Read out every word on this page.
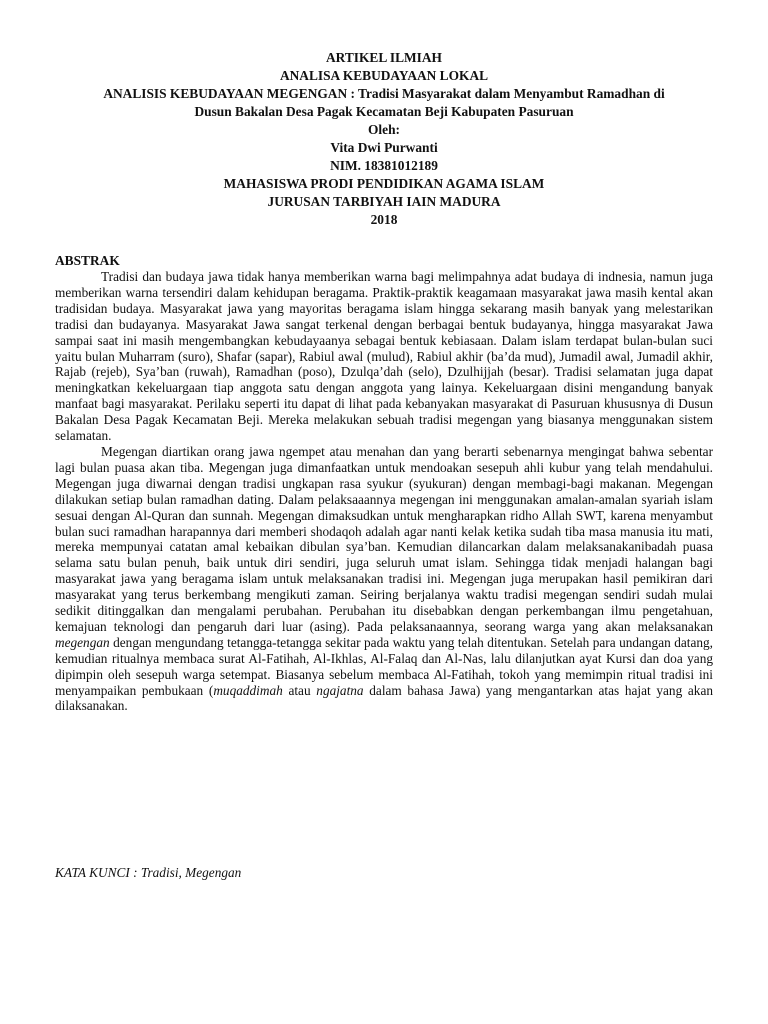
ARTIKEL ILMIAH
ANALISA KEBUDAYAAN LOKAL
ANALISIS KEBUDAYAAN MEGENGAN : Tradisi Masyarakat dalam Menyambut Ramadhan di
Dusun Bakalan Desa Pagak Kecamatan Beji Kabupaten Pasuruan
Oleh:
Vita Dwi Purwanti
NIM. 18381012189
MAHASISWA PRODI PENDIDIKAN AGAMA ISLAM
JURUSAN TARBIYAH IAIN MADURA
2018
ABSTRAK

Tradisi dan budaya jawa tidak hanya memberikan warna bagi melimpahnya adat budaya di indnesia, namun juga memberikan warna tersendiri dalam kehidupan beragama. Praktik-praktik keagamaan masyarakat jawa masih kental akan tradisidan budaya. Masyarakat jawa yang mayoritas beragama islam hingga sekarang masih banyak yang melestarikan tradisi dan budayanya. Masyarakat Jawa sangat terkenal dengan berbagai bentuk budayanya, hingga masyarakat Jawa sampai saat ini masih mengembangkan kebudayaanya sebagai bentuk kebiasaan. Dalam islam terdapat bulan-bulan suci yaitu bulan Muharram (suro), Shafar (sapar), Rabiul awal (mulud), Rabiul akhir (ba’da mud), Jumadil awal, Jumadil akhir, Rajab (rejeb), Sya’ban (ruwah), Ramadhan (poso), Dzulqa’dah (selo), Dzulhijjah (besar). Tradisi selamatan juga dapat meningkatkan kekeluargaan tiap anggota satu dengan anggota yang lainya. Kekeluargaan disini mengandung banyak manfaat bagi masyarakat. Perilaku seperti itu dapat di lihat pada kebanyakan masyarakat di Pasuruan khususnya di Dusun Bakalan Desa Pagak Kecamatan Beji. Mereka melakukan sebuah tradisi megengan yang biasanya menggunakan sistem selamatan.

Megengan diartikan orang jawa ngempet atau menahan dan yang berarti sebenarnya mengingat bahwa sebentar lagi bulan puasa akan tiba. Megengan juga dimanfaatkan untuk mendoakan sesepuh ahli kubur yang telah mendahului. Megengan juga diwarnai dengan tradisi ungkapan rasa syukur (syukuran) dengan membagi-bagi makanan. Megengan dilakukan setiap bulan ramadhan dating. Dalam pelaksaaannya megengan ini menggunakan amalan-amalan syariah islam sesuai dengan Al-Quran dan sunnah. Megengan dimaksudkan untuk mengharapkan ridho Allah SWT, karena menyambut bulan suci ramadhan harapannya dari memberi shodaqoh adalah agar nanti kelak ketika sudah tiba masa manusia itu mati, mereka mempunyai catatan amal kebaikan dibulan sya’ban. Kemudian dilancarkan dalam melaksanakanibadah puasa selama satu bulan penuh, baik untuk diri sendiri, juga seluruh umat islam. Sehingga tidak menjadi halangan bagi masyarakat jawa yang beragama islam untuk melaksanakan tradisi ini. Megengan juga merupakan hasil pemikiran dari masyarakat yang terus berkembang mengikuti zaman. Seiring berjalanya waktu tradisi megengan sendiri sudah mulai sedikit ditinggalkan dan mengalami perubahan. Perubahan itu disebabkan dengan perkembangan ilmu pengetahuan, kemajuan teknologi dan pengaruh dari luar (asing). Pada pelaksanaannya, seorang warga yang akan melaksanakan megengan dengan mengundang tetangga-tetangga sekitar pada waktu yang telah ditentukan. Setelah para undangan datang, kemudian ritualnya membaca surat Al-Fatihah, Al-Ikhlas, Al-Falaq dan Al-Nas, lalu dilanjutkan ayat Kursi dan doa yang dipimpin oleh sesepuh warga setempat. Biasanya sebelum membaca Al-Fatihah, tokoh yang memimpin ritual tradisi ini menyampaikan pembukaan (muqaddimah atau ngajatna dalam bahasa Jawa) yang mengantarkan atas hajat yang akan dilaksanakan.

KATA KUNCI : Tradisi, Megengan
